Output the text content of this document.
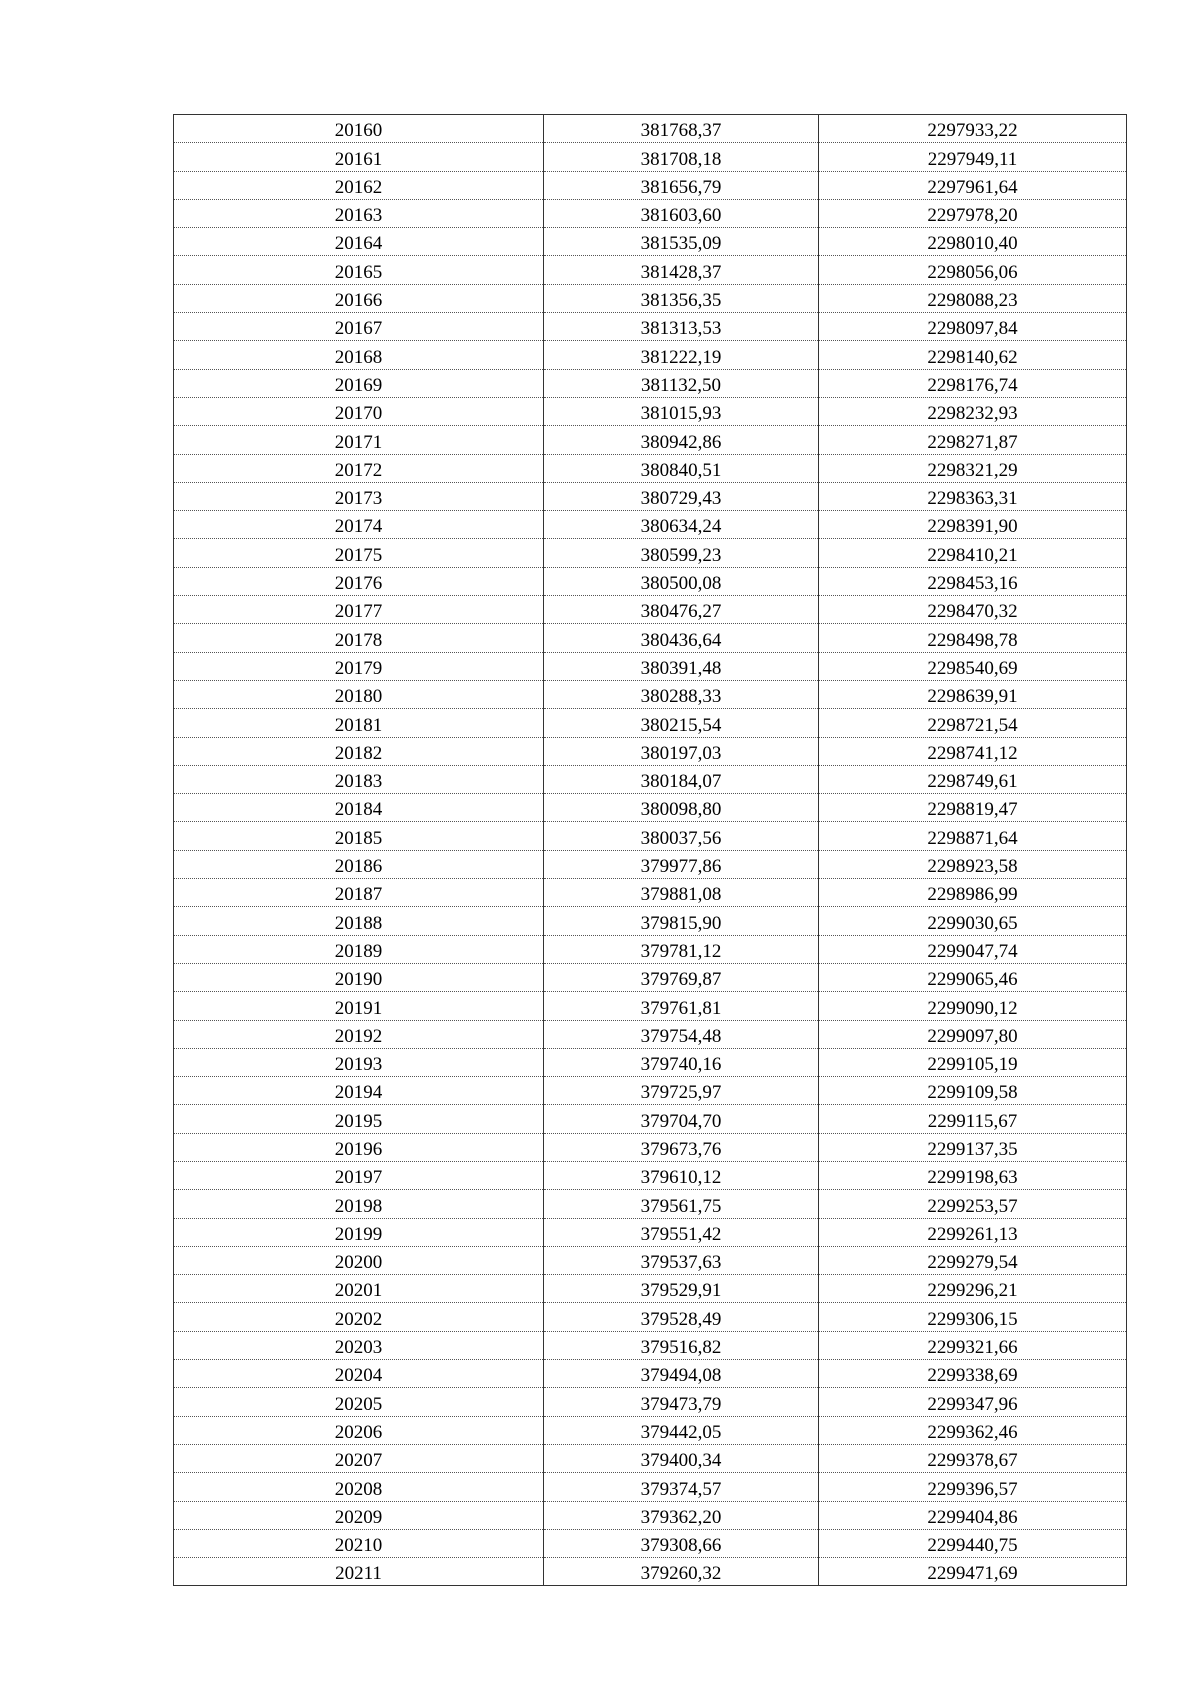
20160	381768,37	2297933,22
20161	381708,18	2297949,11
20162	381656,79	2297961,64
20163	381603,60	2297978,20
20164	381535,09	2298010,40
20165	381428,37	2298056,06
20166	381356,35	2298088,23
20167	381313,53	2298097,84
20168	381222,19	2298140,62
20169	381132,50	2298176,74
20170	381015,93	2298232,93
20171	380942,86	2298271,87
20172	380840,51	2298321,29
20173	380729,43	2298363,31
20174	380634,24	2298391,90
20175	380599,23	2298410,21
20176	380500,08	2298453,16
20177	380476,27	2298470,32
20178	380436,64	2298498,78
20179	380391,48	2298540,69
20180	380288,33	2298639,91
20181	380215,54	2298721,54
20182	380197,03	2298741,12
20183	380184,07	2298749,61
20184	380098,80	2298819,47
20185	380037,56	2298871,64
20186	379977,86	2298923,58
20187	379881,08	2298986,99
20188	379815,90	2299030,65
20189	379781,12	2299047,74
20190	379769,87	2299065,46
20191	379761,81	2299090,12
20192	379754,48	2299097,80
20193	379740,16	2299105,19
20194	379725,97	2299109,58
20195	379704,70	2299115,67
20196	379673,76	2299137,35
20197	379610,12	2299198,63
20198	379561,75	2299253,57
20199	379551,42	2299261,13
20200	379537,63	2299279,54
20201	379529,91	2299296,21
20202	379528,49	2299306,15
20203	379516,82	2299321,66
20204	379494,08	2299338,69
20205	379473,79	2299347,96
20206	379442,05	2299362,46
20207	379400,34	2299378,67
20208	379374,57	2299396,57
20209	379362,20	2299404,86
20210	379308,66	2299440,75
20211	379260,32	2299471,69
